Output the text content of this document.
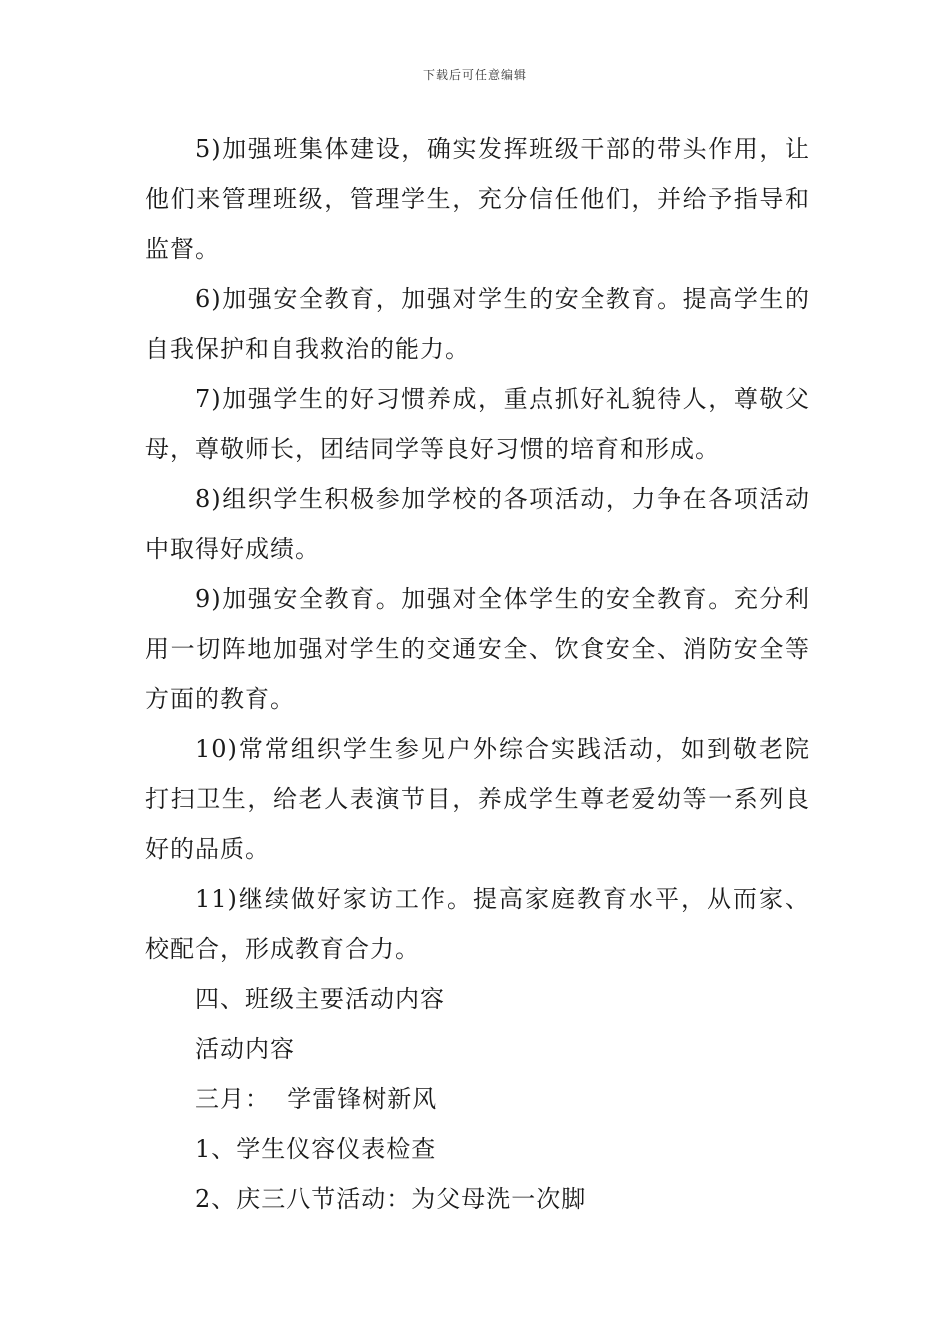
下载后可任意编辑

5)加强班集体建设，确实发挥班级干部的带头作用，让他们来管理班级，管理学生，充分信任他们，并给予指导和监督。

6)加强安全教育，加强对学生的安全教育。提高学生的自我保护和自我救治的能力。

7)加强学生的好习惯养成，重点抓好礼貌待人，尊敬父母，尊敬师长，团结同学等良好习惯的培育和形成。

8)组织学生积极参加学校的各项活动，力争在各项活动中取得好成绩。

9)加强安全教育。加强对全体学生的安全教育。充分利用一切阵地加强对学生的交通安全、饮食安全、消防安全等方面的教育。

10)常常组织学生参见户外综合实践活动，如到敬老院打扫卫生，给老人表演节目，养成学生尊老爱幼等一系列良好的品质。

11)继续做好家访工作。提高家庭教育水平，从而家、校配合，形成教育合力。

四、班级主要活动内容

活动内容

三月：  学雷锋树新风

1、学生仪容仪表检查

2、庆三八节活动：为父母洗一次脚
